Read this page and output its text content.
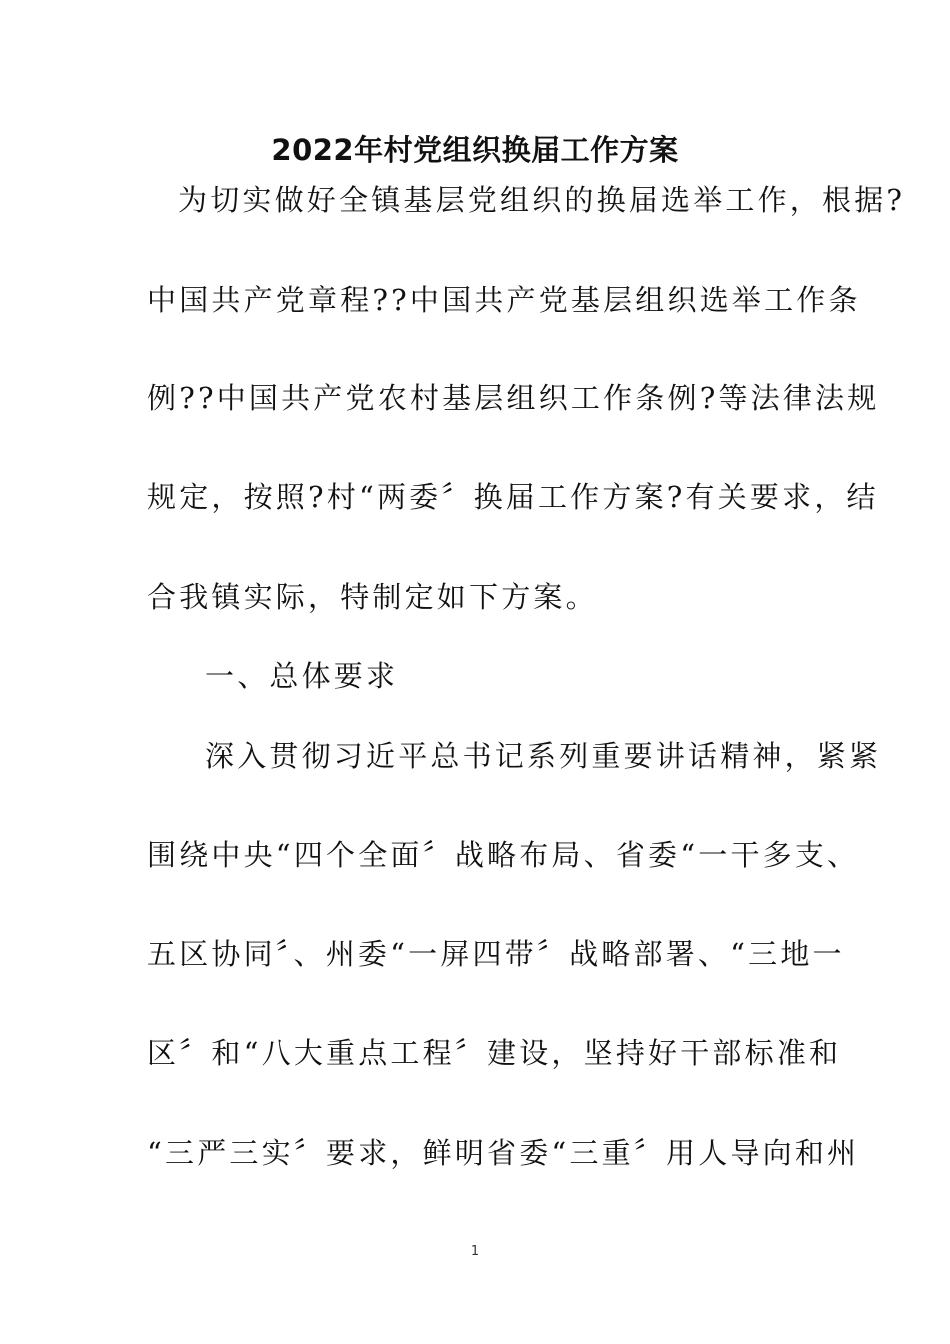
2022年村党组织换届工作方案
为切实做好全镇基层党组织的换届选举工作，根据?
中国共产党章程??中国共产党基层组织选举工作条
例??中国共产党农村基层组织工作条例?等法律法规
规定，按照?村“两委〞换届工作方案?有关要求，结
合我镇实际，特制定如下方案。
一、总体要求
深入贯彻习近平总书记系列重要讲话精神，紧紧
围绕中央“四个全面〞战略布局、省委“一干多支、
五区协同〞、州委“一屏四带〞战略部署、“三地一
区〞和“八大重点工程〞建设，坚持好干部标准和
“三严三实〞要求，鲜明省委“三重〞用人导向和州
1
